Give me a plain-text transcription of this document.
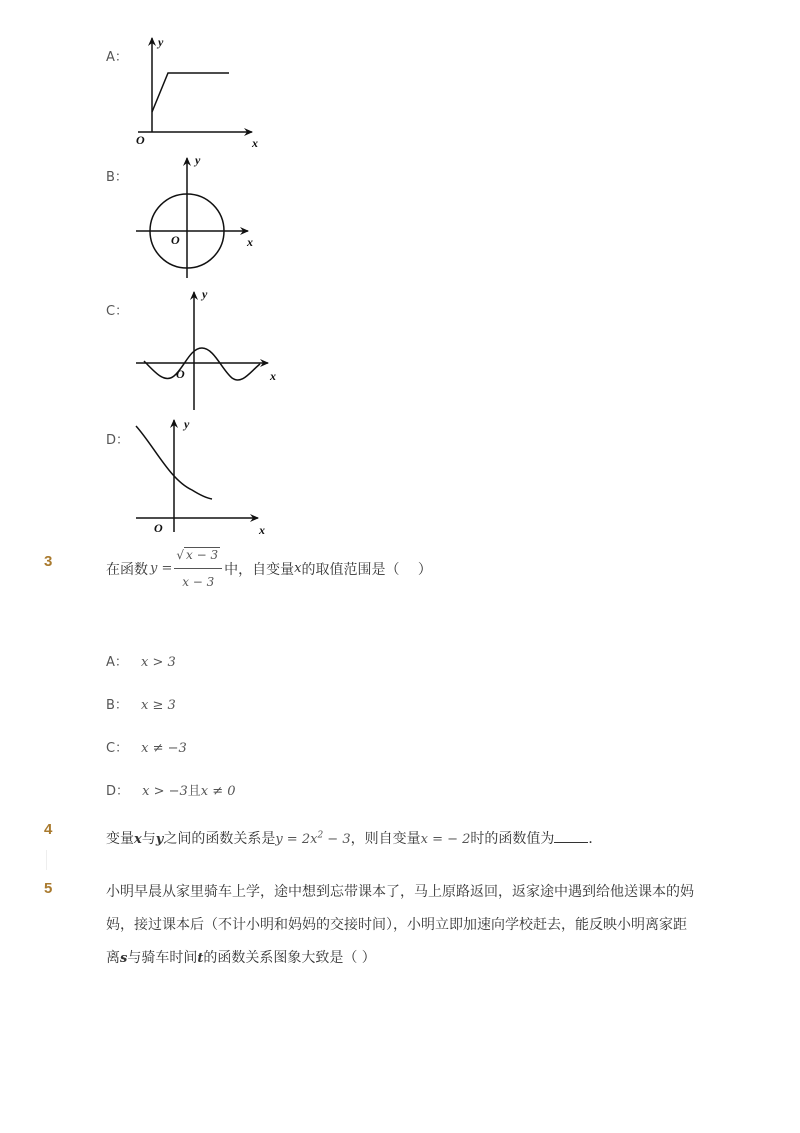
A：
y
x
O
B：
y
x
O
C：
y
x
O
D：
y
x
O
3	在函数 $y = \frac{√ x - 3}{x - 3}$ 中，自变量 x 的取值范围是（　 ）
A： x > 3
B： x ≥ 3
C： x ≠ −3
D： x > −3且x ≠ 0
4
变量x与y之间的函数关系是$y = 2x^2 - 3$，则自变量x = − 2时的函数值为 ．
5	小明早晨从家里骑车上学，途中想到忘带课本了，马上原路返回，返家途中遇到给他送课本的妈
妈，接过课本后（不计小明和妈妈的交接时间），小明立即加速向学校赶去，能反映小明离家距
离s与骑车时间t的函数关系图象大致是（ ）
